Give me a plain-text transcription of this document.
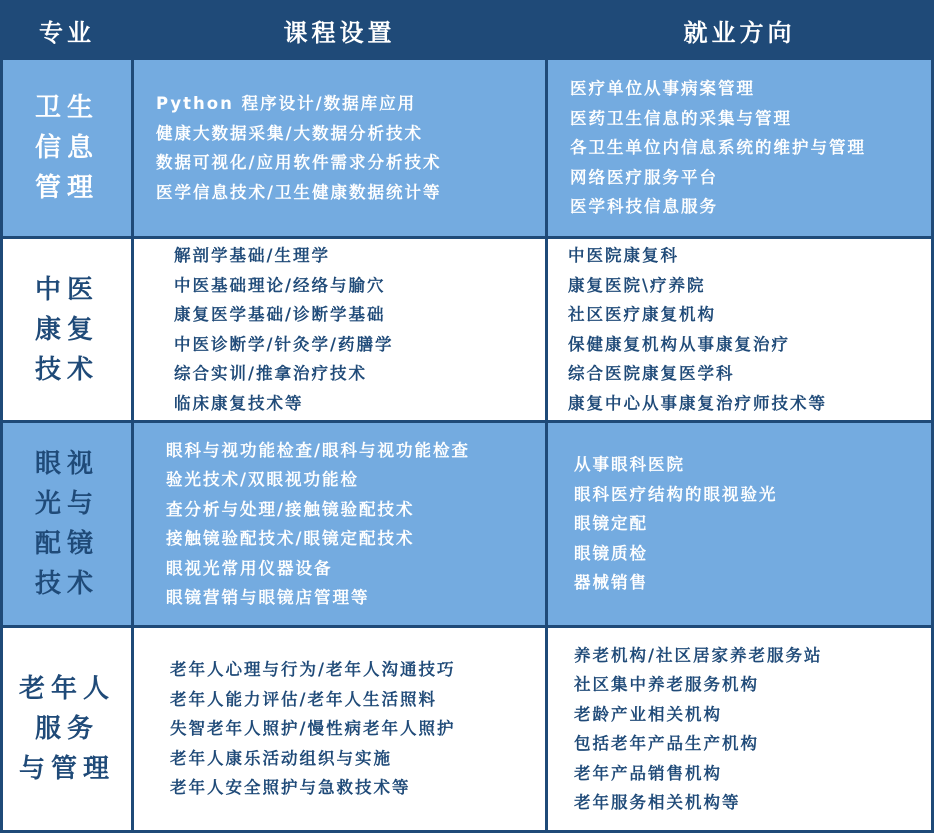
专业	课程设置	就业方向
卫生
信息
管理
Python 程序设计/数据库应用
健康大数据采集/大数据分析技术
数据可视化/应用软件需求分析技术
医学信息技术/卫生健康数据统计等
医疗单位从事病案管理
医药卫生信息的采集与管理
各卫生单位内信息系统的维护与管理
网络医疗服务平台
医学科技信息服务
中医
康复
技术
解剖学基础/生理学
中医基础理论/经络与腧穴
康复医学基础/诊断学基础
中医诊断学/针灸学/药膳学
综合实训/推拿治疗技术
临床康复技术等
中医院康复科
康复医院\疗养院
社区医疗康复机构
保健康复机构从事康复治疗
综合医院康复医学科
康复中心从事康复治疗师技术等
眼视
光与
配镜
技术
眼科与视功能检查/眼科与视功能检查
验光技术/双眼视功能检
查分析与处理/接触镜验配技术
接触镜验配技术/眼镜定配技术
眼视光常用仪器设备
眼镜营销与眼镜店管理等
从事眼科医院
眼科医疗结构的眼视验光
眼镜定配
眼镜质检
器械销售
老年人
服务
与管理
老年人心理与行为/老年人沟通技巧
老年人能力评估/老年人生活照料
失智老年人照护/慢性病老年人照护
老年人康乐活动组织与实施
老年人安全照护与急救技术等
养老机构/社区居家养老服务站
社区集中养老服务机构
老龄产业相关机构
包括老年产品生产机构
老年产品销售机构
老年服务相关机构等
